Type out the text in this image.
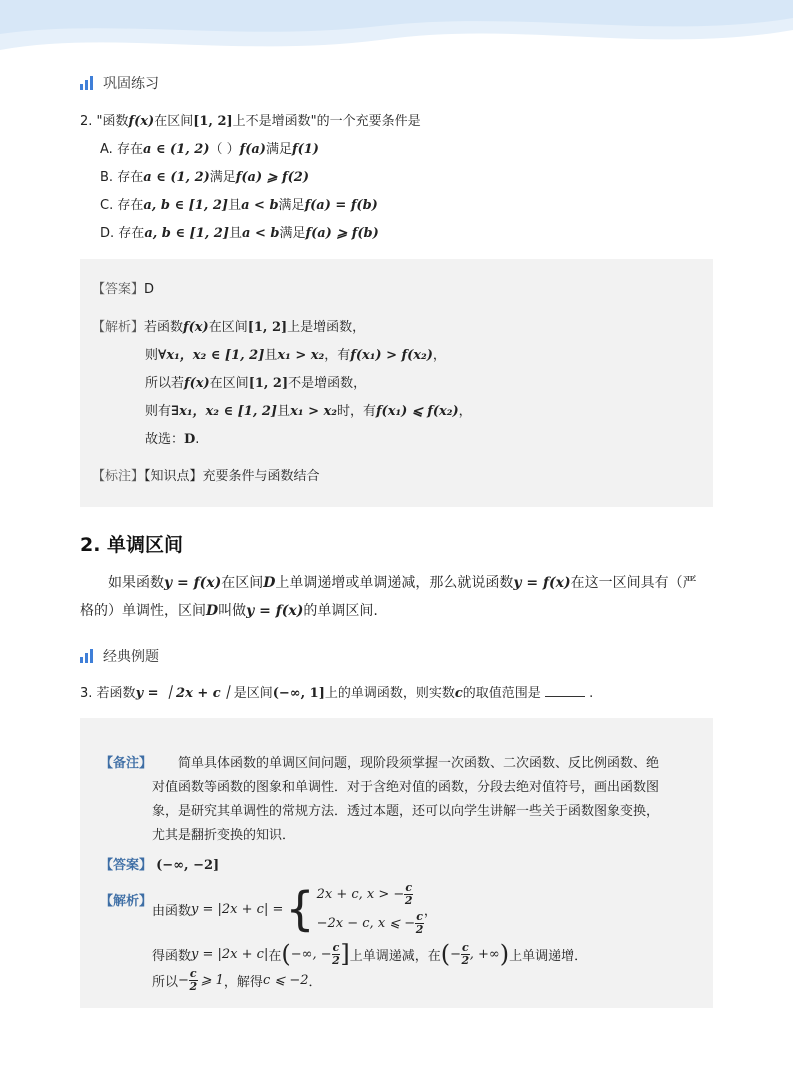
巩固练习
2. "函数f(x)在区间[1, 2]上不是增函数"的一个充要条件是
A. 存在a ∈ (1, 2)（ ）f(a)满足f(1)
B. 存在a ∈ (1, 2)满足f(a) ⩾ f(2)
C. 存在a, b ∈ [1, 2]且a < b满足f(a) = f(b)
D. 存在a, b ∈ [1, 2]且a < b满足f(a) ⩾ f(b)
【答案】D
【解析】若函数f(x)在区间[1, 2]上是增函数，
则∀x₁，x₂ ∈ [1, 2]且x₁ > x₂，有f(x₁) > f(x₂)，
所以若f(x)在区间[1, 2]不是增函数，
则有∃x₁，x₂ ∈ [1, 2]且x₁ > x₂时，有f(x₁) ⩽ f(x₂)，
故选：D.
【标注】【知识点】充要条件与函数结合
2. 单调区间
如果函数y = f(x)在区间D上单调递增或单调递减，那么就说函数y = f(x)在这一区间具有（严
格的）单调性，区间D叫做y = f(x)的单调区间.
经典例题
3. 若函数y = ｜2x + c｜是区间(−∞, 1]上的单调函数，则实数c的取值范围是	.
【备注】 简单具体函数的单调区间问题，现阶段须掌握一次函数、二次函数、反比例函数、绝
对值函数等函数的图象和单调性．对于含绝对值的函数，分段去绝对值符号，画出函数图
象，是研究其单调性的常规方法．透过本题，还可以向学生讲解一些关于函数图象变换，
尤其是翻折变换的知识．
【答案】 (−∞, −2]
【解析】
由函数 y = |2x + c| = { 2x + c, x > − $\frac{c}{2}$
−2x − c, x ⩽ − $\frac{c}{2}$ ，
得函数 y = |2x + c| 在 ( −∞, − $\frac{c}{2}$ ] 上单调递减，在 ( − $\frac{c}{2}$ , +∞ ) 上单调递增．
所以 − $\frac{c}{2}$ ⩾ 1 ，解得 c ⩽ −2 ．
